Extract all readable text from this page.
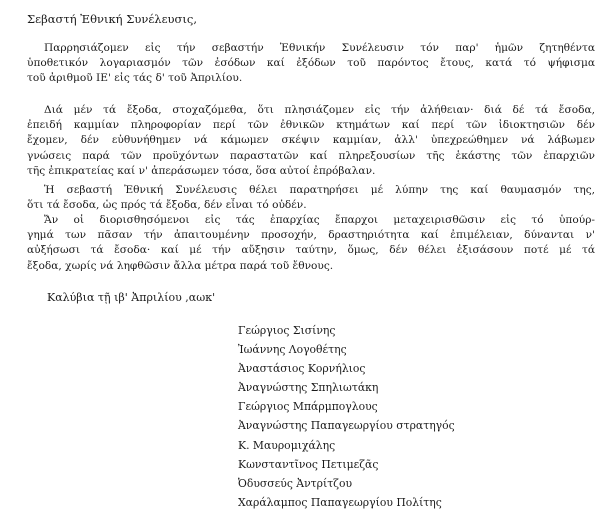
Σεβαστή Ἐθνική Συνέλευσις,

Παρρησιάζομεν εἰς τήν σεβαστήν Ἐθνικήν Συνέλευσιν τόν παρ' ἡμῶν ζητηθέντα
ὑποθετικόν λογαριασμόν τῶν ἐσόδων καί ἐξόδων τοῦ παρόντος ἔτους, κατά τό ψήφισμα
τοῦ ἀριθμοῦ ΙΕ' εἰς τάς δ' τοῦ Ἀπριλίου.

Διά μέν τά ἔξοδα, στοχαζόμεθα, ὅτι πλησιάζομεν εἰς τήν ἀλήθειαν· διά δέ τά ἔσοδα,
ἐπειδή καμμίαν πληροφορίαν περί τῶν ἐθνικῶν κτημάτων καί περί τῶν ἰδιοκτησιῶν δέν
ἔχομεν, δέν εὐθυνήθημεν νά κάμωμεν σκέψιν καμμίαν, ἀλλ' ὑπεχρεώθημεν νά λάβωμεν
γνώσεις παρά τῶν προϋχόντων παραστατῶν καί πληρεξουσίων τῆς ἑκάστης τῶν ἐπαρχιῶν
τῆς ἐπικρατείας καί ν' ἀπεράσωμεν τόσα, ὅσα αὐτοί ἐπρόβαλαν.

Ἡ σεβαστή Ἐθνική Συνέλευσις θέλει παρατηρήσει μέ λύπην της καί θαυμασμόν της,
ὅτι τά ἔσοδα, ὡς πρός τά ἔξοδα, δέν εἶναι τό οὐδέν.

Ἄν οἱ διορισθησόμενοι εἰς τάς ἐπαρχίας ἔπαρχοι μεταχειρισθῶσιν εἰς τό ὑπούρ-
γημά των πᾶσαν τήν ἀπαιτουμένην προσοχήν, δραστηριότητα καί ἐπιμέλειαν, δύνανται ν'
αὐξήσωσι τά ἔσοδα· καί μέ τήν αὔξησιν ταύτην, ὅμως, δέν θέλει ἐξισάσουν ποτέ μέ τά
ἔξοδα, χωρίς νά ληφθῶσιν ἄλλα μέτρα παρά τοῦ ἔθνους.

Καλύβια τῇ ιβ' Ἀπριλίου ,αωκ'
Γεώργιος Σισίνης
Ἰωάννης Λογοθέτης
Ἀναστάσιος Κορνήλιος
Ἀναγνώστης Σπηλιωτάκη
Γεώργιος Μπάρμπογλους
Ἀναγνώστης Παπαγεωργίου στρατηγός
Κ. Μαυρομιχάλης
Κωνσταντῖνος Πετιμεζᾶς
Ὀδυσσεύς Ἀντρίτζου
Χαράλαμπος Παπαγεωργίου Πολίτης
